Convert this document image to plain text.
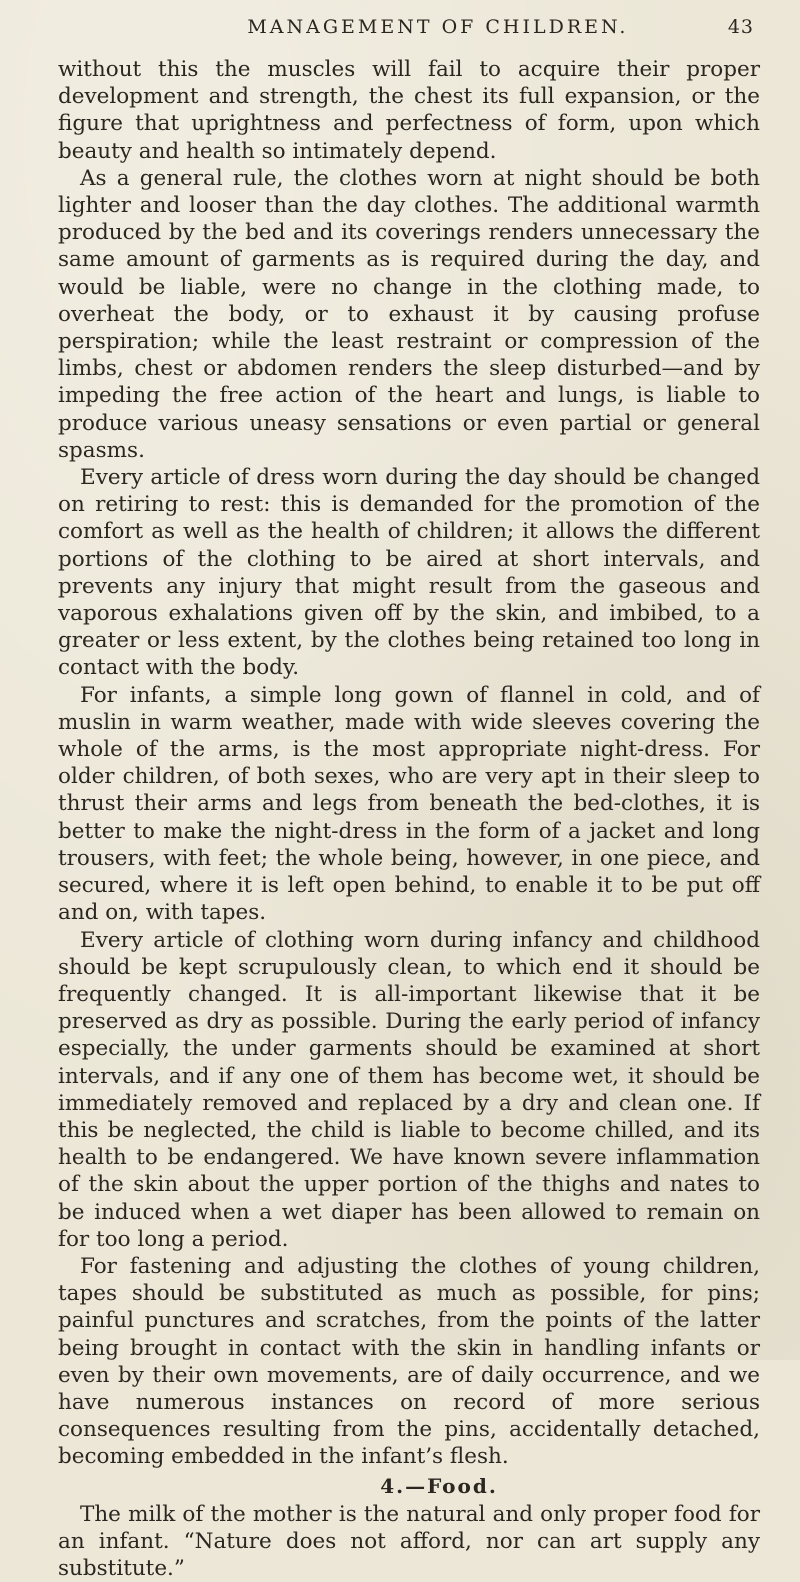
MANAGEMENT OF CHILDREN.	43

without this the muscles will fail to acquire their proper development and strength, the chest its full expansion, or the figure that uprightness and perfectness of form, upon which beauty and health so intimately depend.

As a general rule, the clothes worn at night should be both lighter and looser than the day clothes. The additional warmth produced by the bed and its coverings renders unnecessary the same amount of garments as is required during the day, and would be liable, were no change in the clothing made, to overheat the body, or to exhaust it by causing profuse perspiration; while the least restraint or compression of the limbs, chest or abdomen renders the sleep disturbed—and by impeding the free action of the heart and lungs, is liable to produce various uneasy sensations or even partial or general spasms.

Every article of dress worn during the day should be changed on retiring to rest: this is demanded for the promotion of the comfort as well as the health of children; it allows the different portions of the clothing to be aired at short intervals, and prevents any injury that might result from the gaseous and vaporous exhalations given off by the skin, and imbibed, to a greater or less extent, by the clothes being retained too long in contact with the body.

For infants, a simple long gown of flannel in cold, and of muslin in warm weather, made with wide sleeves covering the whole of the arms, is the most appropriate night-dress. For older children, of both sexes, who are very apt in their sleep to thrust their arms and legs from beneath the bed-clothes, it is better to make the night-dress in the form of a jacket and long trousers, with feet; the whole being, however, in one piece, and secured, where it is left open behind, to enable it to be put off and on, with tapes.

Every article of clothing worn during infancy and childhood should be kept scrupulously clean, to which end it should be frequently changed. It is all-important likewise that it be preserved as dry as possible. During the early period of infancy especially, the under garments should be examined at short intervals, and if any one of them has become wet, it should be immediately removed and replaced by a dry and clean one. If this be neglected, the child is liable to become chilled, and its health to be endangered. We have known severe inflammation of the skin about the upper portion of the thighs and nates to be induced when a wet diaper has been allowed to remain on for too long a period.

For fastening and adjusting the clothes of young children, tapes should be substituted as much as possible, for pins; painful punctures and scratches, from the points of the latter being brought in contact with the skin in handling infants or even by their own movements, are of daily occurrence, and we have numerous instances on record of more serious consequences resulting from the pins, accidentally detached, becoming embedded in the infant’s flesh.

4.—Food.

The milk of the mother is the natural and only proper food for an infant. “Nature does not afford, nor can art supply any substitute.”
